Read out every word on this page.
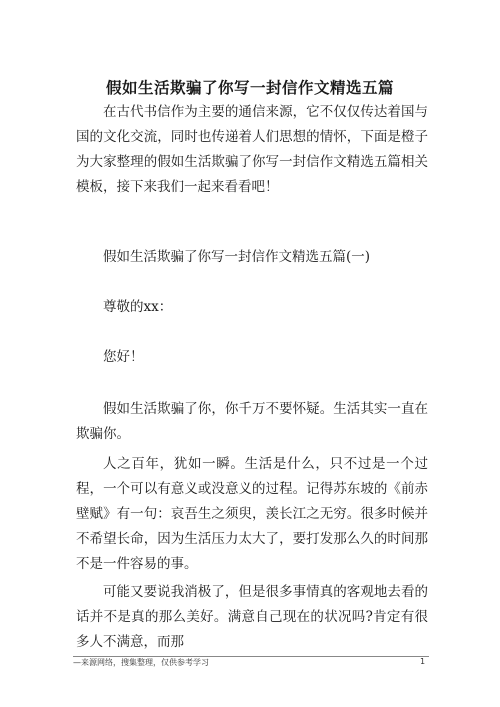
假如生活欺骗了你写一封信作文精选五篇

在古代书信作为主要的通信来源，它不仅仅传达着国与国的文化交流，同时也传递着人们思想的情怀，下面是橙子为大家整理的假如生活欺骗了你写一封信作文精选五篇相关模板，接下来我们一起来看看吧！

假如生活欺骗了你写一封信作文精选五篇(一)

尊敬的xx：

您好！

假如生活欺骗了你，你千万不要怀疑。生活其实一直在欺骗你。

人之百年，犹如一瞬。生活是什么，只不过是一个过程，一个可以有意义或没意义的过程。记得苏东坡的《前赤壁赋》有一句：哀吾生之须臾，羡长江之无穷。很多时候并不希望长命，因为生活压力太大了，要打发那么久的时间那不是一件容易的事。

可能又要说我消极了，但是很多事情真的客观地去看的话并不是真的那么美好。满意自己现在的状况吗?肯定有很多人不满意，而那

—来源网络，搜集整理，仅供参考学习	1
